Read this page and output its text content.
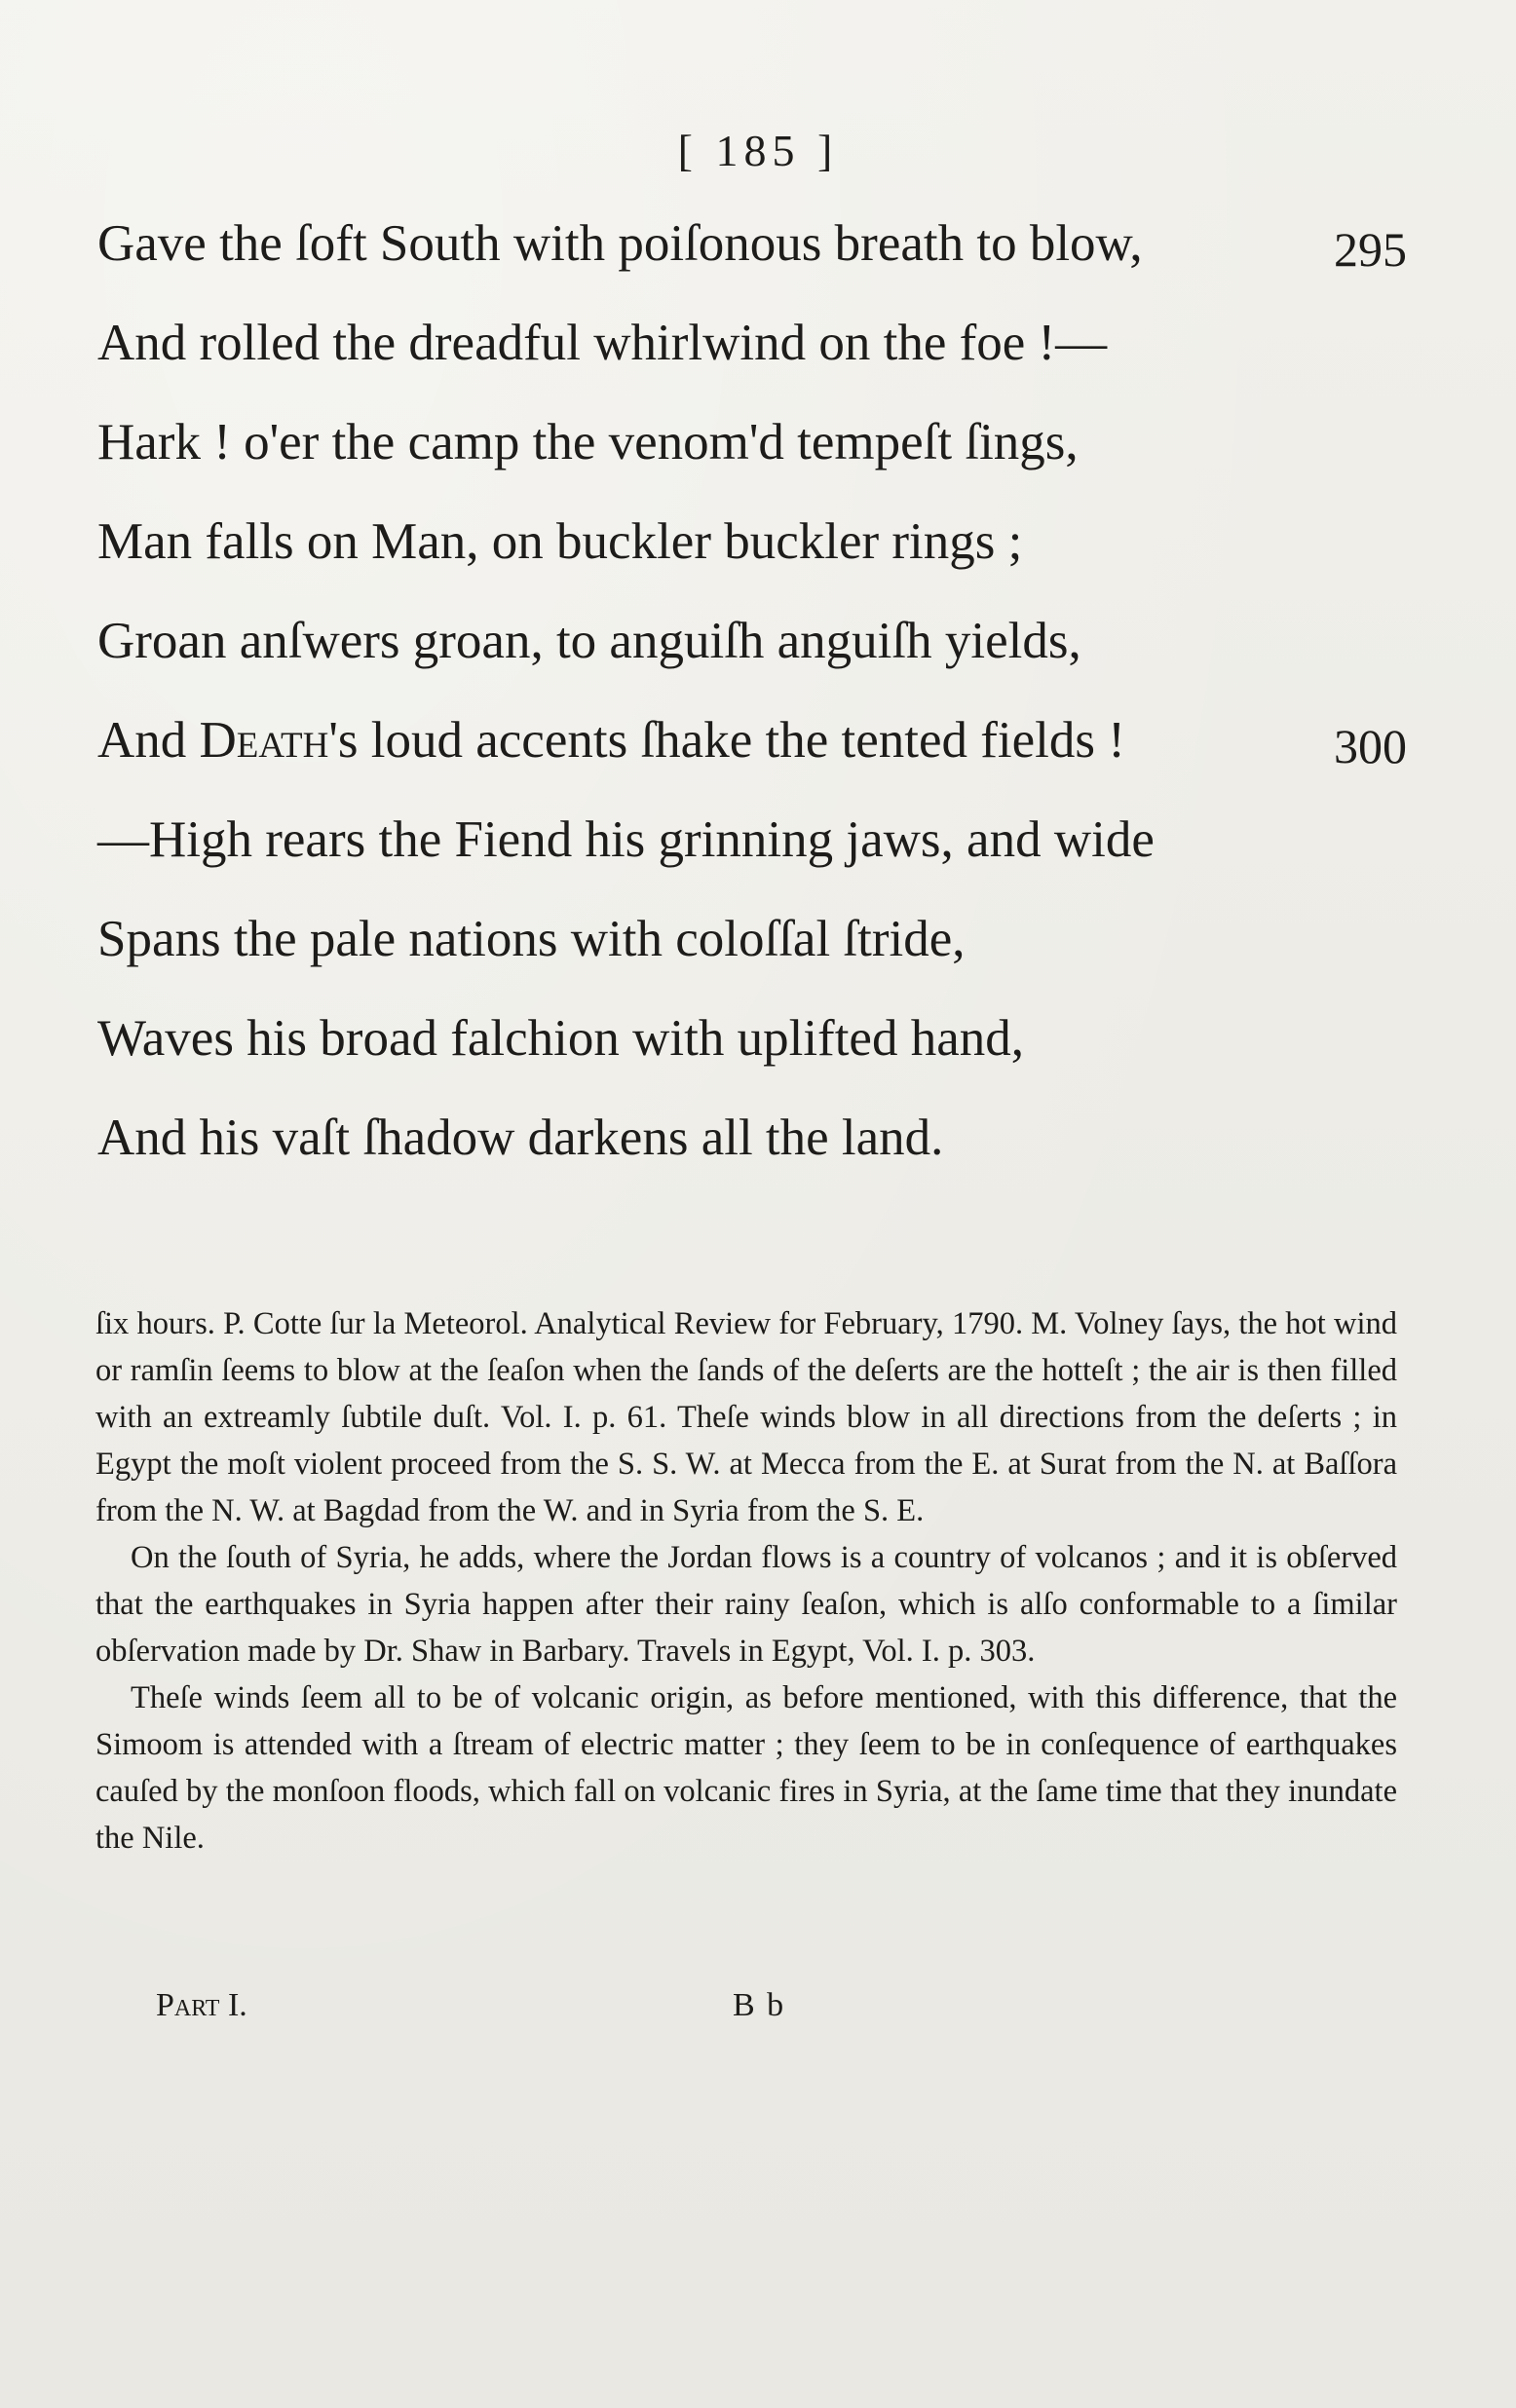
[ 185 ]
Gave the ſoft South with poiſonous breath to blow,	295
And rolled the dreadful whirlwind on the foe !—
Hark ! o'er the camp the venom'd tempeſt ſings,
Man falls on Man, on buckler buckler rings ;
Groan anſwers groan, to anguiſh anguiſh yields,
And Death's loud accents ſhake the tented fields !	300
—High rears the Fiend his grinning jaws, and wide
Spans the pale nations with coloſſal ſtride,
Waves his broad falchion with uplifted hand,
And his vaſt ſhadow darkens all the land.

ſix hours. P. Cotte ſur la Meteorol. Analytical Review for February, 1790. M. Volney ſays, the hot wind or ramſin ſeems to blow at the ſeaſon when the ſands of the deſerts are the hotteſt ; the air is then filled with an extreamly ſubtile duſt. Vol. I. p. 61. Theſe winds blow in all directions from the deſerts ; in Egypt the moſt violent proceed from the S. S. W. at Mecca from the E. at Surat from the N. at Baſſora from the N. W. at Bagdad from the W. and in Syria from the S. E.

On the ſouth of Syria, he adds, where the Jordan flows is a country of volcanos ; and it is obſerved that the earthquakes in Syria happen after their rainy ſeaſon, which is alſo conformable to a ſimilar obſervation made by Dr. Shaw in Barbary. Travels in Egypt, Vol. I. p. 303.

Theſe winds ſeem all to be of volcanic origin, as before mentioned, with this difference, that the Simoom is attended with a ſtream of electric matter ; they ſeem to be in conſequence of earthquakes cauſed by the monſoon floods, which fall on volcanic fires in Syria, at the ſame time that they inundate the Nile.

Part I.	B b
